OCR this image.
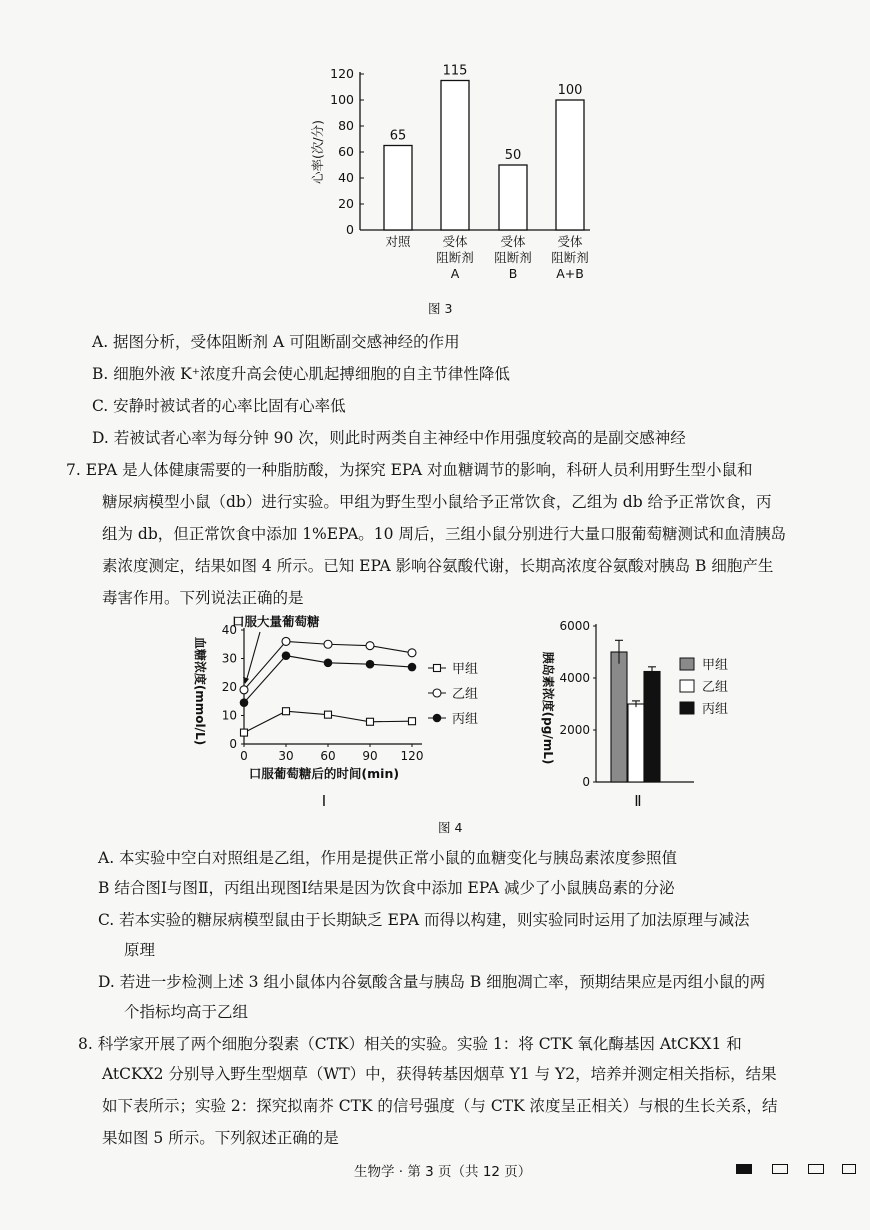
0
20
40
60
80
100
120
心率(次/分)	65
对照
115
受体
阻断剂
A
50
受体
阻断剂
B
100
受体
阻断剂
A+B
图 3
A. 据图分析，受体阻断剂 A 可阻断副交感神经的作用
B. 细胞外液 K⁺浓度升高会使心肌起搏细胞的自主节律性降低
C. 安静时被试者的心率比固有心率低
D. 若被试者心率为每分钟 90 次，则此时两类自主神经中作用强度较高的是副交感神经
7. EPA 是人体健康需要的一种脂肪酸，为探究 EPA 对血糖调节的影响，科研人员利用野生型小鼠和
糖尿病模型小鼠（db）进行实验。甲组为野生型小鼠给予正常饮食，乙组为 db 给予正常饮食，丙
组为 db，但正常饮食中添加 1%EPA。10 周后，三组小鼠分别进行大量口服葡萄糖测试和血清胰岛
素浓度测定，结果如图 4 所示。已知 EPA 影响谷氨酸代谢，长期高浓度谷氨酸对胰岛 B 细胞产生
毒害作用。下列说法正确的是
0
10
20
30
40
0	30 60 90 120
口服葡萄糖后的时间(min)
血糖浓度(mmol/L)
口服大量葡萄糖
甲组
乙组
丙组
Ⅰ
0
2000
4000
6000
胰岛素浓度(pg/mL)	甲组
乙组
丙组
Ⅱ
图 4
A. 本实验中空白对照组是乙组，作用是提供正常小鼠的血糖变化与胰岛素浓度参照值
B 结合图Ⅰ与图Ⅱ，丙组出现图Ⅰ结果是因为饮食中添加 EPA 减少了小鼠胰岛素的分泌
C. 若本实验的糖尿病模型鼠由于长期缺乏 EPA 而得以构建，则实验同时运用了加法原理与减法
原理
D. 若进一步检测上述 3 组小鼠体内谷氨酸含量与胰岛 B 细胞凋亡率，预期结果应是丙组小鼠的两
个指标均高于乙组
8. 科学家开展了两个细胞分裂素（CTK）相关的实验。实验 1：将 CTK 氧化酶基因 AtCKX1 和
AtCKX2 分别导入野生型烟草（WT）中，获得转基因烟草 Y1 与 Y2，培养并测定相关指标，结果
如下表所示；实验 2：探究拟南芥 CTK 的信号强度（与 CTK 浓度呈正相关）与根的生长关系，结
果如图 5 所示。下列叙述正确的是
生物学 · 第 3 页（共 12 页）
